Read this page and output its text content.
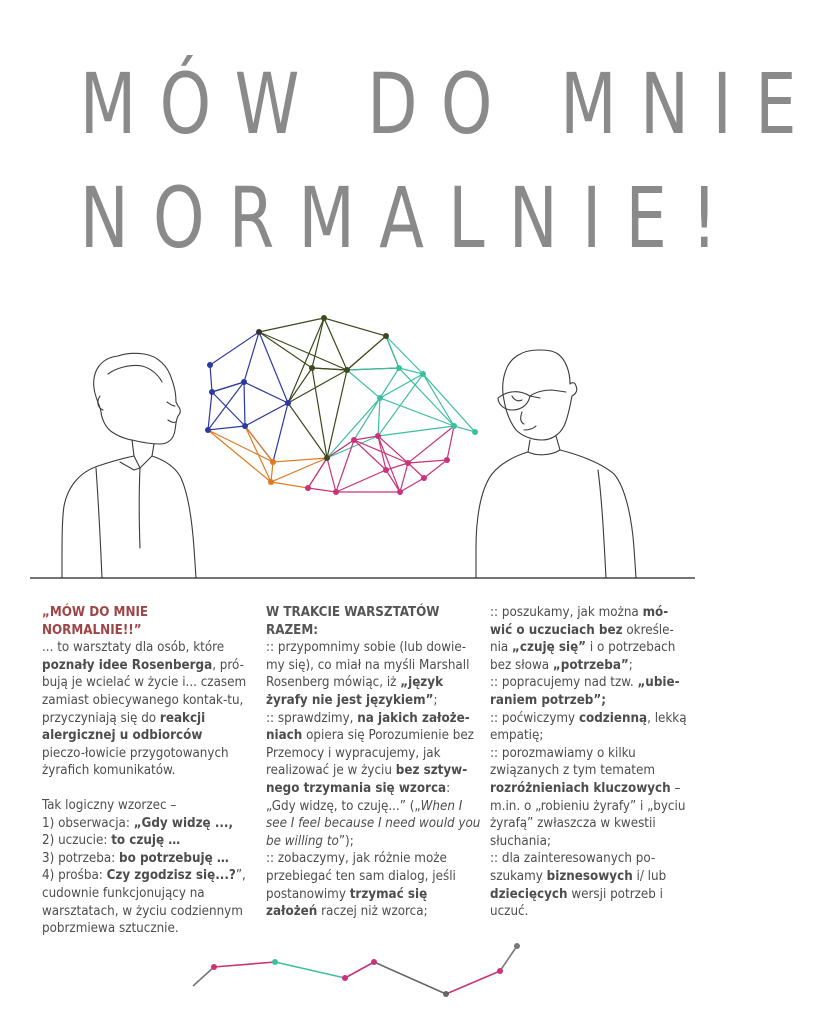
MÓW DO MNIE
NORMALNIE!
„MÓW DO MNIE NORMALNIE!!”
... to warsztaty dla osób, które poznały idee Rosenberga, pró-bują je wcielać w życie i... czasem zamiast obiecywanego kontak-tu, przyczyniają się do reakcji alergicznej u odbiorców pieczo-łowicie przygotowanych żyrafich komunikatów.
Tak logiczny wzorzec –
1) obserwacja: „Gdy widzę ...,
2) uczucie: to czuję …
3) potrzeba: bo potrzebuję …
4) prośba: Czy zgodzisz się...?”,
cudownie funkcjonujący na warsztatach, w życiu codziennym pobrzmiewa sztucznie.
W TRAKCIE WARSZTATÓW RAZEM:
:: przypomnimy sobie (lub dowie-my się), co miał na myśli Marshall Rosenberg mówiąc, iż „język żyrafy nie jest językiem”;
:: sprawdzimy, na jakich założe-niach opiera się Porozumienie bez Przemocy i wypracujemy, jak realizować je w życiu bez sztyw-nego trzymania się wzorca: „Gdy widzę, to czuję...” („When I see I feel because I need would you be willing to”);
:: zobaczymy, jak różnie może przebiegać ten sam dialog, jeśli postanowimy trzymać się założeń raczej niż wzorca;
:: poszukamy, jak można mó-wić o uczuciach bez określe-nia „czuję się” i o potrzebach bez słowa „potrzeba”;
:: popracujemy nad tzw. „ubie-raniem potrzeb”;
:: poćwiczymy codzienną, lekką empatię;
:: porozmawiamy o kilku związanych z tym tematem rozróżnieniach kluczowych – m.in. o „robieniu żyrafy” i „byciu żyrafą” zwłaszcza w kwestii słuchania;
:: dla zainteresowanych po-szukamy biznesowych i/ lub dziecięcych wersji potrzeb i uczuć.
